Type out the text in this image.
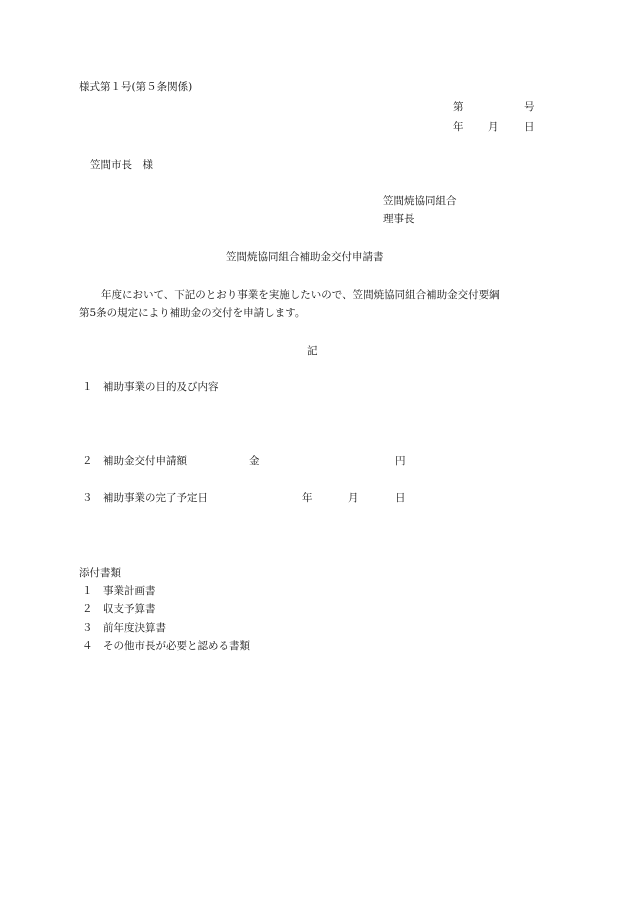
様式第１号(第５条関係)
第	号
年 月 日
笠間市長　様
笠間焼協同組合
理事長
笠間焼協同組合補助金交付申請書
年度において、下記のとおり事業を実施したいので、笠間焼協同組合補助金交付要綱
第5条の規定により補助金の交付を申請します。
記
１ 補助事業の目的及び内容
２ 補助金交付申請額	金	円
３ 補助事業の完了予定日	年	月	日
添付書類
１ 事業計画書
２ 収支予算書
３ 前年度決算書
４ その他市長が必要と認める書類
